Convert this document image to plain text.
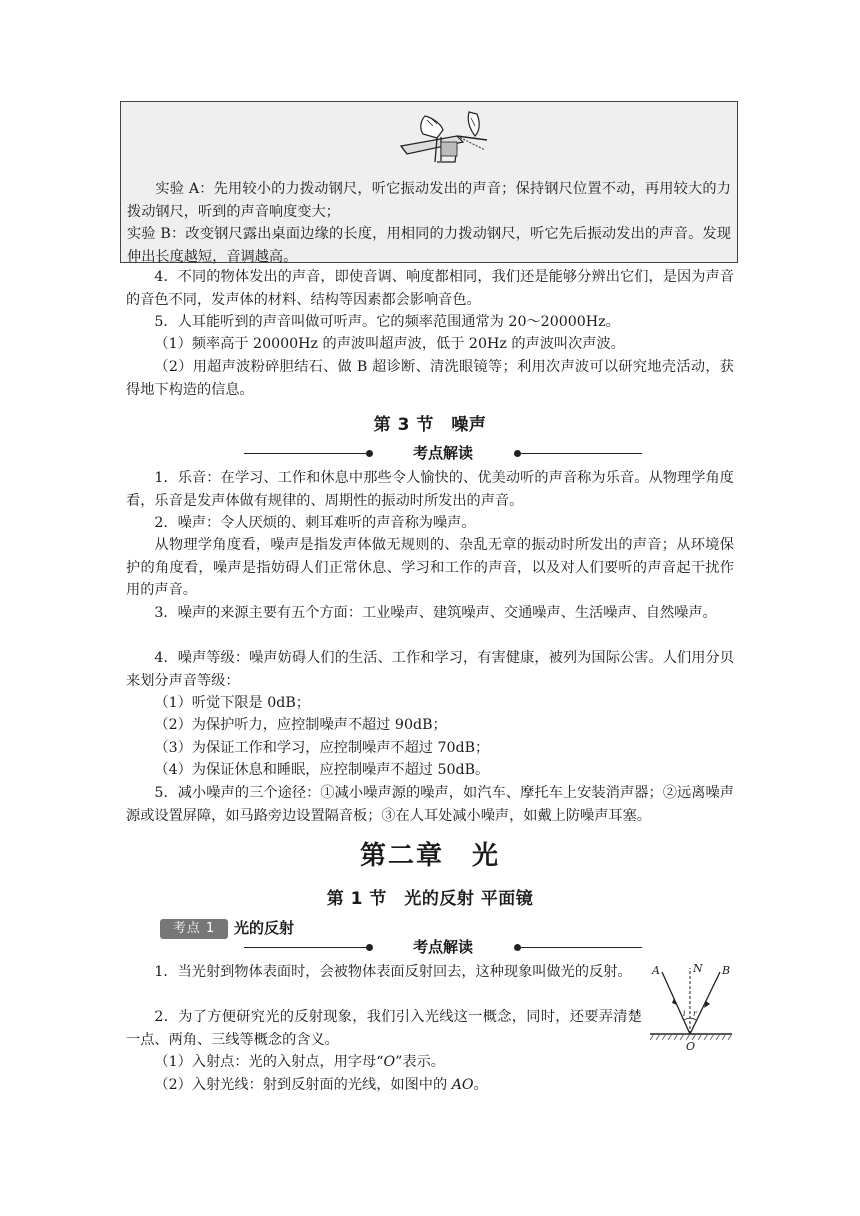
实验 A：先用较小的力拨动钢尺，听它振动发出的声音；保持钢尺位置不动，再用较大的力拨动钢尺，听到的声音响度变大；

实验 B：改变钢尺露出桌面边缘的长度，用相同的力拨动钢尺，听它先后振动发出的声音。发现伸出长度越短，音调越高。

4．不同的物体发出的声音，即使音调、响度都相同，我们还是能够分辨出它们，是因为声音的音色不同，发声体的材料、结构等因素都会影响音色。

5．人耳能听到的声音叫做可听声。它的频率范围通常为 20～20000Hz。

（1）频率高于 20000Hz 的声波叫超声波，低于 20Hz 的声波叫次声波。

（2）用超声波粉碎胆结石、做 B 超诊断、清洗眼镜等；利用次声波可以研究地壳活动，获得地下构造的信息。

第 3 节　噪声
考点解读

1．乐音：在学习、工作和休息中那些令人愉快的、优美动听的声音称为乐音。从物理学角度看，乐音是发声体做有规律的、周期性的振动时所发出的声音。

2．噪声：令人厌烦的、刺耳难听的声音称为噪声。

从物理学角度看，噪声是指发声体做无规则的、杂乱无章的振动时所发出的声音；从环境保护的角度看，噪声是指妨碍人们正常休息、学习和工作的声音，以及对人们要听的声音起干扰作用的声音。

3．噪声的来源主要有五个方面：工业噪声、建筑噪声、交通噪声、生活噪声、自然噪声。

4．噪声等级：噪声妨碍人们的生活、工作和学习，有害健康，被列为国际公害。人们用分贝来划分声音等级：

（1）听觉下限是 0dB；

（2）为保护听力，应控制噪声不超过 90dB；

（3）为保证工作和学习，应控制噪声不超过 70dB；

（4）为保证休息和睡眠，应控制噪声不超过 50dB。

5．减小噪声的三个途径：①减小噪声源的噪声，如汽车、摩托车上安装消声器；②远离噪声源或设置屏障，如马路旁边设置隔音板；③在人耳处减小噪声，如戴上防噪声耳塞。

第二章　光
第 1 节　光的反射 平面镜
考点 1	光的反射
考点解读

1．当光射到物体表面时，会被物体表面反射回去，这种现象叫做光的反射。

2．为了方便研究光的反射现象，我们引入光线这一概念，同时，还要弄清楚一点、两角、三线等概念的含义。

（1）入射点：光的入射点，用字母“O”表示。

（2）入射光线：射到反射面的光线，如图中的 AO。

A	N B
i r
O
